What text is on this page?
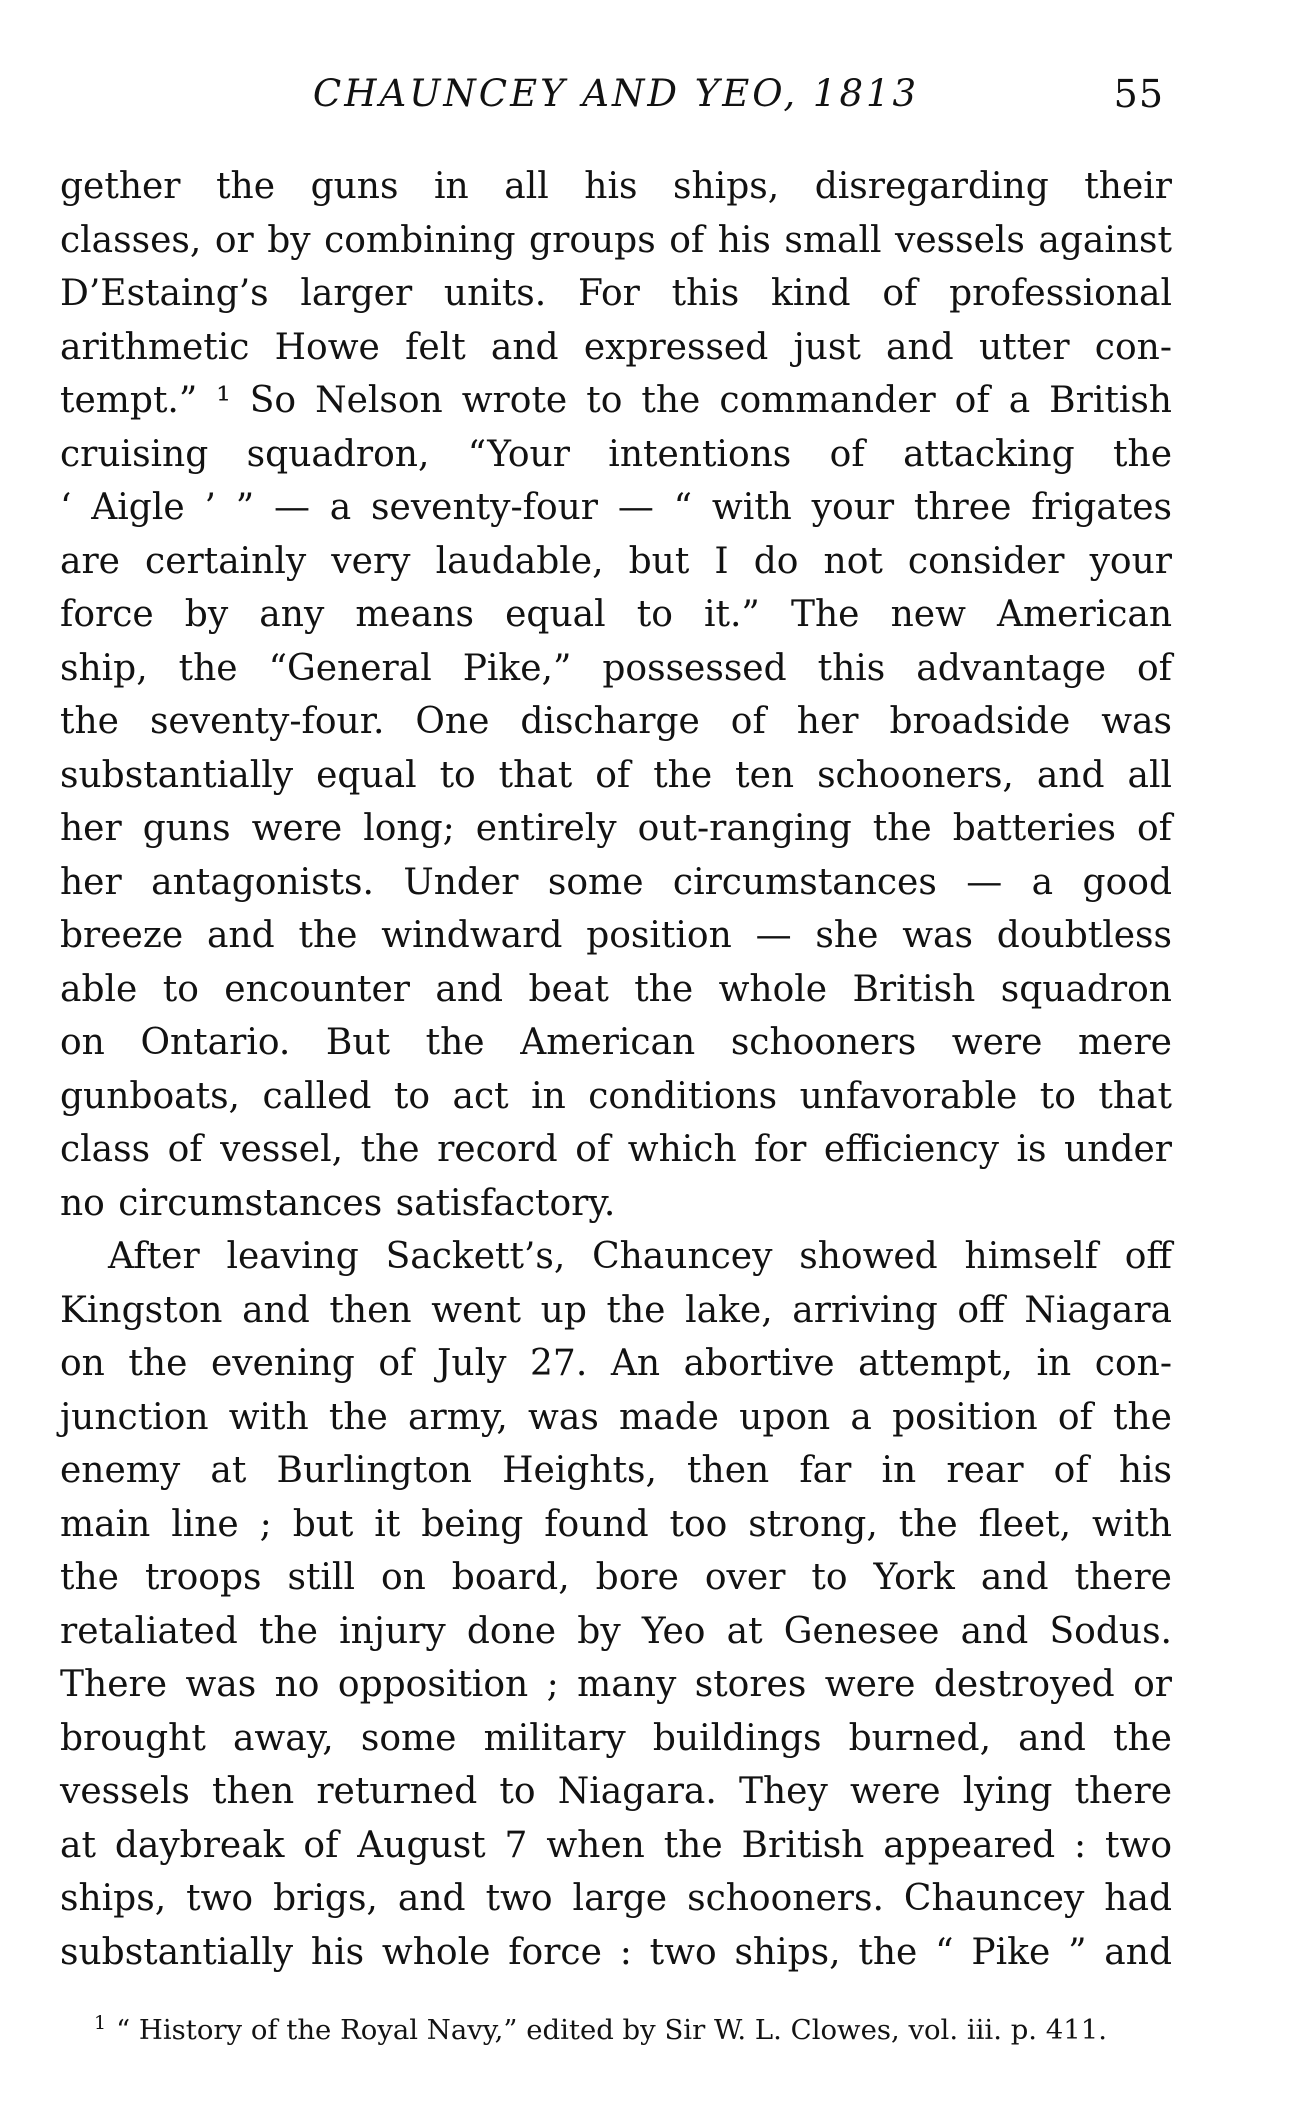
CHAUNCEY AND YEO, 1813	55
gether the guns in all his ships, disregarding their
classes, or by combining groups of his small vessels against
D’Estaing’s larger units. For this kind of professional
arithmetic Howe felt and expressed just and utter con-
tempt.” ¹ So Nelson wrote to the commander of a British
cruising squadron, “Your intentions of attacking the
‘ Aigle ’ ” — a seventy-four — “ with your three frigates
are certainly very laudable, but I do not consider your
force by any means equal to it.” The new American
ship, the “General Pike,” possessed this advantage of
the seventy-four. One discharge of her broadside was
substantially equal to that of the ten schooners, and all
her guns were long; entirely out-ranging the batteries of
her antagonists. Under some circumstances — a good
breeze and the windward position — she was doubtless
able to encounter and beat the whole British squadron
on Ontario. But the American schooners were mere
gunboats, called to act in conditions unfavorable to that
class of vessel, the record of which for efficiency is under
no circumstances satisfactory.
After leaving Sackett’s, Chauncey showed himself off
Kingston and then went up the lake, arriving off Niagara
on the evening of July 27. An abortive attempt, in con-
junction with the army, was made upon a position of the
enemy at Burlington Heights, then far in rear of his
main line ; but it being found too strong, the fleet, with
the troops still on board, bore over to York and there
retaliated the injury done by Yeo at Genesee and Sodus.
There was no opposition ; many stores were destroyed or
brought away, some military buildings burned, and the
vessels then returned to Niagara. They were lying there
at daybreak of August 7 when the British appeared : two
ships, two brigs, and two large schooners. Chauncey had
substantially his whole force : two ships, the “ Pike ” and
$^1$ “ History of the Royal Navy,” edited by Sir W. L. Clowes, vol. iii. p. 411.
